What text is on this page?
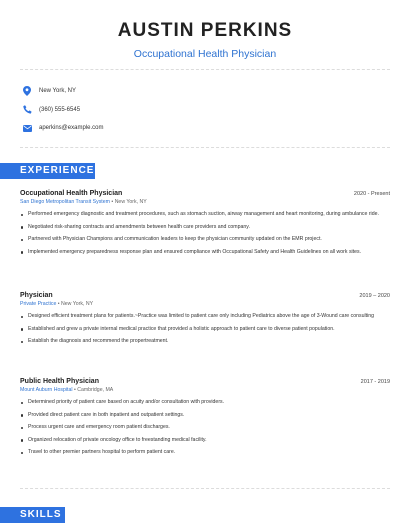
AUSTIN PERKINS
Occupational Health Physician
New York, NY
(360) 555-6545
aperkins@example.com
EXPERIENCE
Occupational Health Physician	2020 - Present
San Diego Metropolitan Transit System • New York, NY
Performed emergency diagnostic and treatment procedures, such as stomach suction, airway management and heart monitoring, during ambulance ride.
Negotiated risk-sharing contracts and amendments between health care providers and company.
Partnered with Physician Champions and communication leaders to keep the physician community updated on the EMR project.
Implemented emergency preparedness response plan and ensured compliance with Occupational Safety and Health Guidelines on all work sites.
Physician	2019 – 2020
Private Practice • New York, NY
Designed efficient treatment plans for patients.~Practice was limited to patient care only including Pediatrics above the age of 3-Wound care consulting
Established and grew a private internal medical practice that provided a holistic approach to patient care to diverse patient population.
Establish the diagnosis and recommend the propertreatment.
Public Health Physician	2017 - 2019
Mount Auburn Hospital • Cambridge, MA
Determined priority of patient care based on acuity and/or consultation with providers.
Provided direct patient care in both inpatient and outpatient settings.
Process urgent care and emergency room patient discharges.
Organized relocation of private oncology office to freestanding medical facility.
Travel to other premier partners hospital to perform patient care.
SKILLS
